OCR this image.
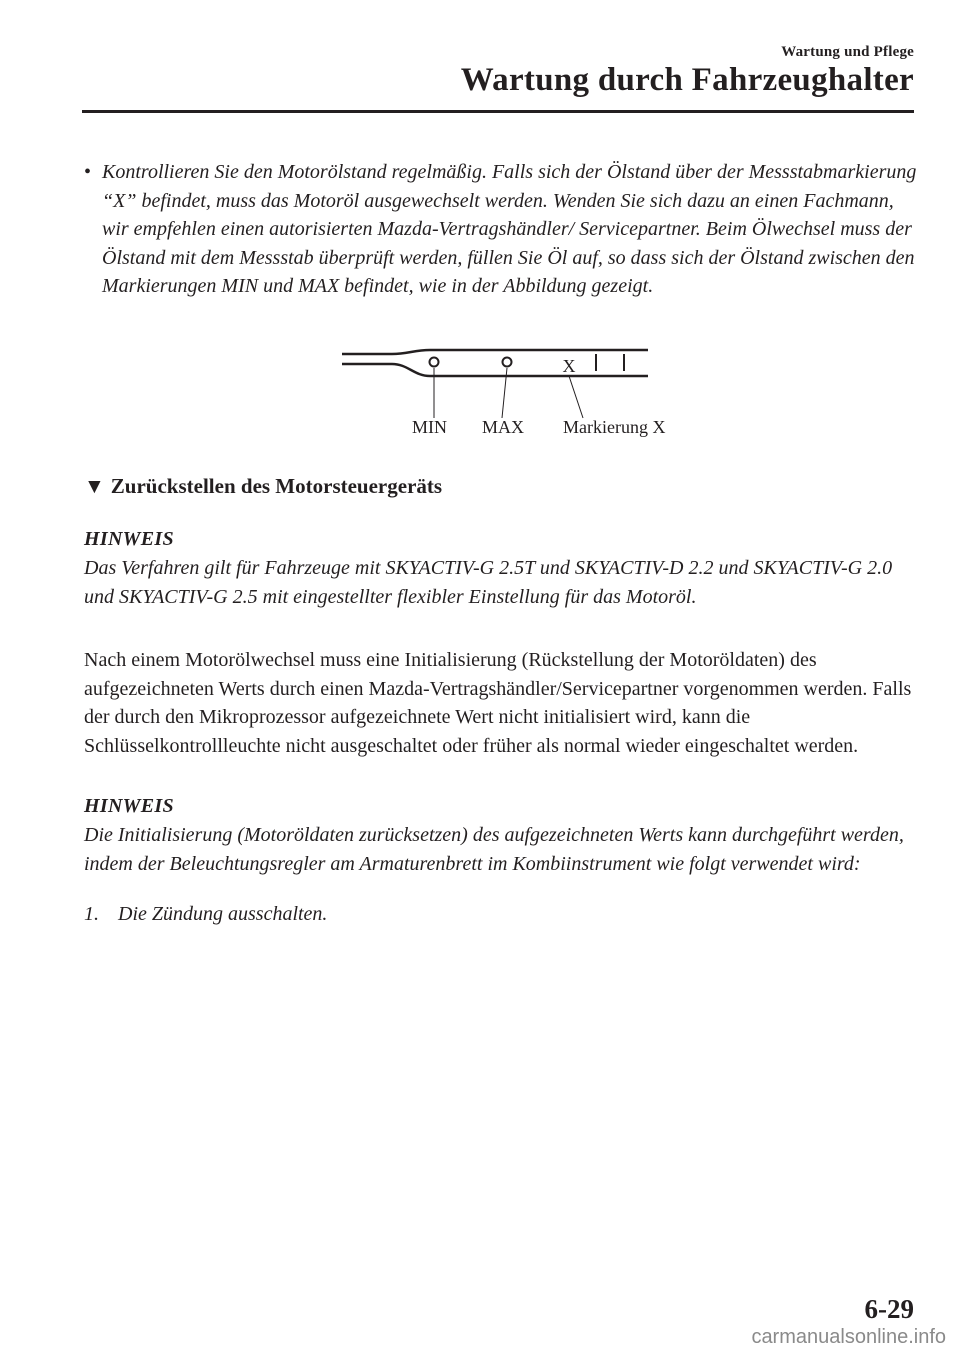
Wartung und Pflege
Wartung durch Fahrzeughalter
• Kontrollieren Sie den Motorölstand regelmäßig. Falls sich der Ölstand über der Messstabmarkierung “X” befindet, muss das Motoröl ausgewechselt werden. Wenden Sie sich dazu an einen Fachmann, wir empfehlen einen autorisierten Mazda-Vertragshändler/ Servicepartner. Beim Ölwechsel muss der Ölstand mit dem Messstab überprüft werden, füllen Sie Öl auf, so dass sich der Ölstand zwischen den Markierungen MIN und MAX befindet, wie in der Abbildung gezeigt.
X
MIN MAX Markierung X
▼ Zurückstellen des Motorsteuergeräts
HINWEIS
Das Verfahren gilt für Fahrzeuge mit SKYACTIV-G 2.5T und SKYACTIV-D 2.2 und SKYACTIV-G 2.0 und SKYACTIV-G 2.5 mit eingestellter flexibler Einstellung für das Motoröl.
Nach einem Motorölwechsel muss eine Initialisierung (Rückstellung der Motoröldaten) des aufgezeichneten Werts durch einen Mazda-Vertragshändler/Servicepartner vorgenommen werden. Falls der durch den Mikroprozessor aufgezeichnete Wert nicht initialisiert wird, kann die Schlüsselkontrollleuchte nicht ausgeschaltet oder früher als normal wieder eingeschaltet werden.
HINWEIS
Die Initialisierung (Motoröldaten zurücksetzen) des aufgezeichneten Werts kann durchgeführt werden, indem der Beleuchtungsregler am Armaturenbrett im Kombiinstrument wie folgt verwendet wird:
1. Die Zündung ausschalten.
6-29
carmanualsonline.info
